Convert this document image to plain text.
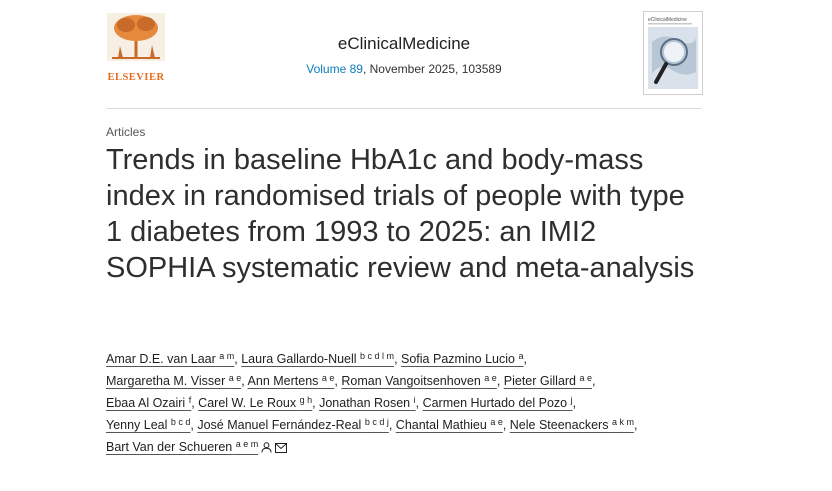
ELSEVIER
eClinicalMedicine
Volume 89, November 2025, 103589
eClinicalMedicine
Articles
Trends in baseline HbA1c and body-mass index in randomised trials of people with type 1 diabetes from 1993 to 2025: an IMI2 SOPHIA systematic review and meta-analysis
Amar D.E. van Laar $^{a m}$, Laura Gallardo-Nuell $^{b c d l m}$, Sofia Pazmino Lucio $^a$,
Margaretha M. Visser $^{a e}$, Ann Mertens $^{a e}$, Roman Vangoitsenhoven $^{a e}$, Pieter Gillard $^{a e}$,
Ebaa Al Ozairi $^f$, Carel W. Le Roux $^{g h}$, Jonathan Rosen $^i$, Carmen Hurtado del Pozo $^j$,
Yenny Leal $^{b c d}$, José Manuel Fernández-Real $^{b c d j}$, Chantal Mathieu $^{a e}$, Nele Steenackers $^{a k m}$,
Bart Van der Schueren $^{a e m}$
